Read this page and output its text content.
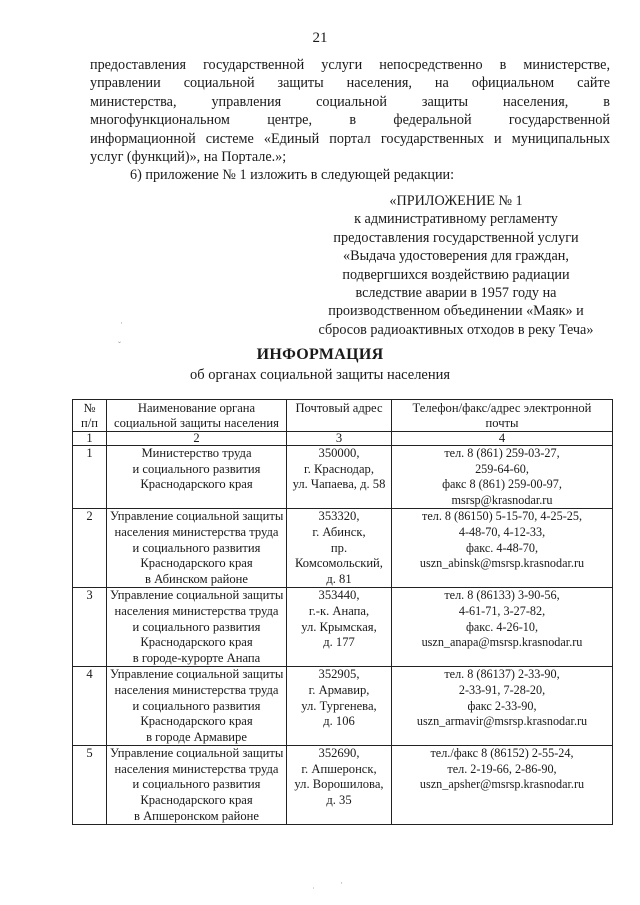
21
предоставления государственной услуги непосредственно в министерстве,
управлении социальной защиты населения, на официальном сайте
министерства, управления социальной защиты населения, в
многофункциональном центре, в федеральной государственной
информационной системе «Единый портал государственных и муниципальных
услуг (функций)», на Портале.»;
6) приложение № 1 изложить в следующей редакции:
«ПРИЛОЖЕНИЕ № 1
к административному регламенту
предоставления государственной услуги
«Выдача удостоверения для граждан,
подвергшихся воздействию радиации
вследствие аварии в 1957 году на
производственном объединении «Маяк» и
сбросов радиоактивных отходов в реку Теча»
ИНФОРМАЦИЯ
об органах социальной защиты населения
№
п/п	Наименование органа
социальной защиты населения	Почтовый адрес	Телефон/факс/адрес электронной
почты

1	2	3	4
1	Министерство труда
и социального развития
Краснодарского края	350000,
г. Краснодар,
ул. Чапаева, д. 58	тел. 8 (861) 259-03-27,
259-64-60,
факс 8 (861) 259-00-97,
msrsp@krasnodar.ru

2	Управление социальной защиты
населения министерства труда
и социального развития
Краснодарского края
в Абинском районе	353320,
г. Абинск,
пр.
Комсомольский,
д. 81	тел. 8 (86150) 5-15-70, 4-25-25,
4-48-70, 4-12-33,
факс. 4-48-70,
uszn_abinsk@msrsp.krasnodar.ru

3	Управление социальной защиты
населения министерства труда
и социального развития
Краснодарского края
в городе-курорте Анапа	353440,
г.-к. Анапа,
ул. Крымская,
д. 177	тел. 8 (86133) 3-90-56,
4-61-71, 3-27-82,
факс. 4-26-10,
uszn_anapa@msrsp.krasnodar.ru

4	Управление социальной защиты
населения министерства труда
и социального развития
Краснодарского края
в городе Армавире	352905,
г. Армавир,
ул. Тургенева,
д. 106	тел. 8 (86137) 2-33-90,
2-33-91, 7-28-20,
факс 2-33-90,
uszn_armavir@msrsp.krasnodar.ru

5	Управление социальной защиты
населения министерства труда
и социального развития
Краснодарского края
в Апшеронском районе	352690,
г. Апшеронск,
ул. Ворошилова,
д. 35	тел./факс 8 (86152) 2-55-24,
тел. 2-19-66, 2-86-90,
uszn_apsher@msrsp.krasnodar.ru
·
ˇ
·
˙
